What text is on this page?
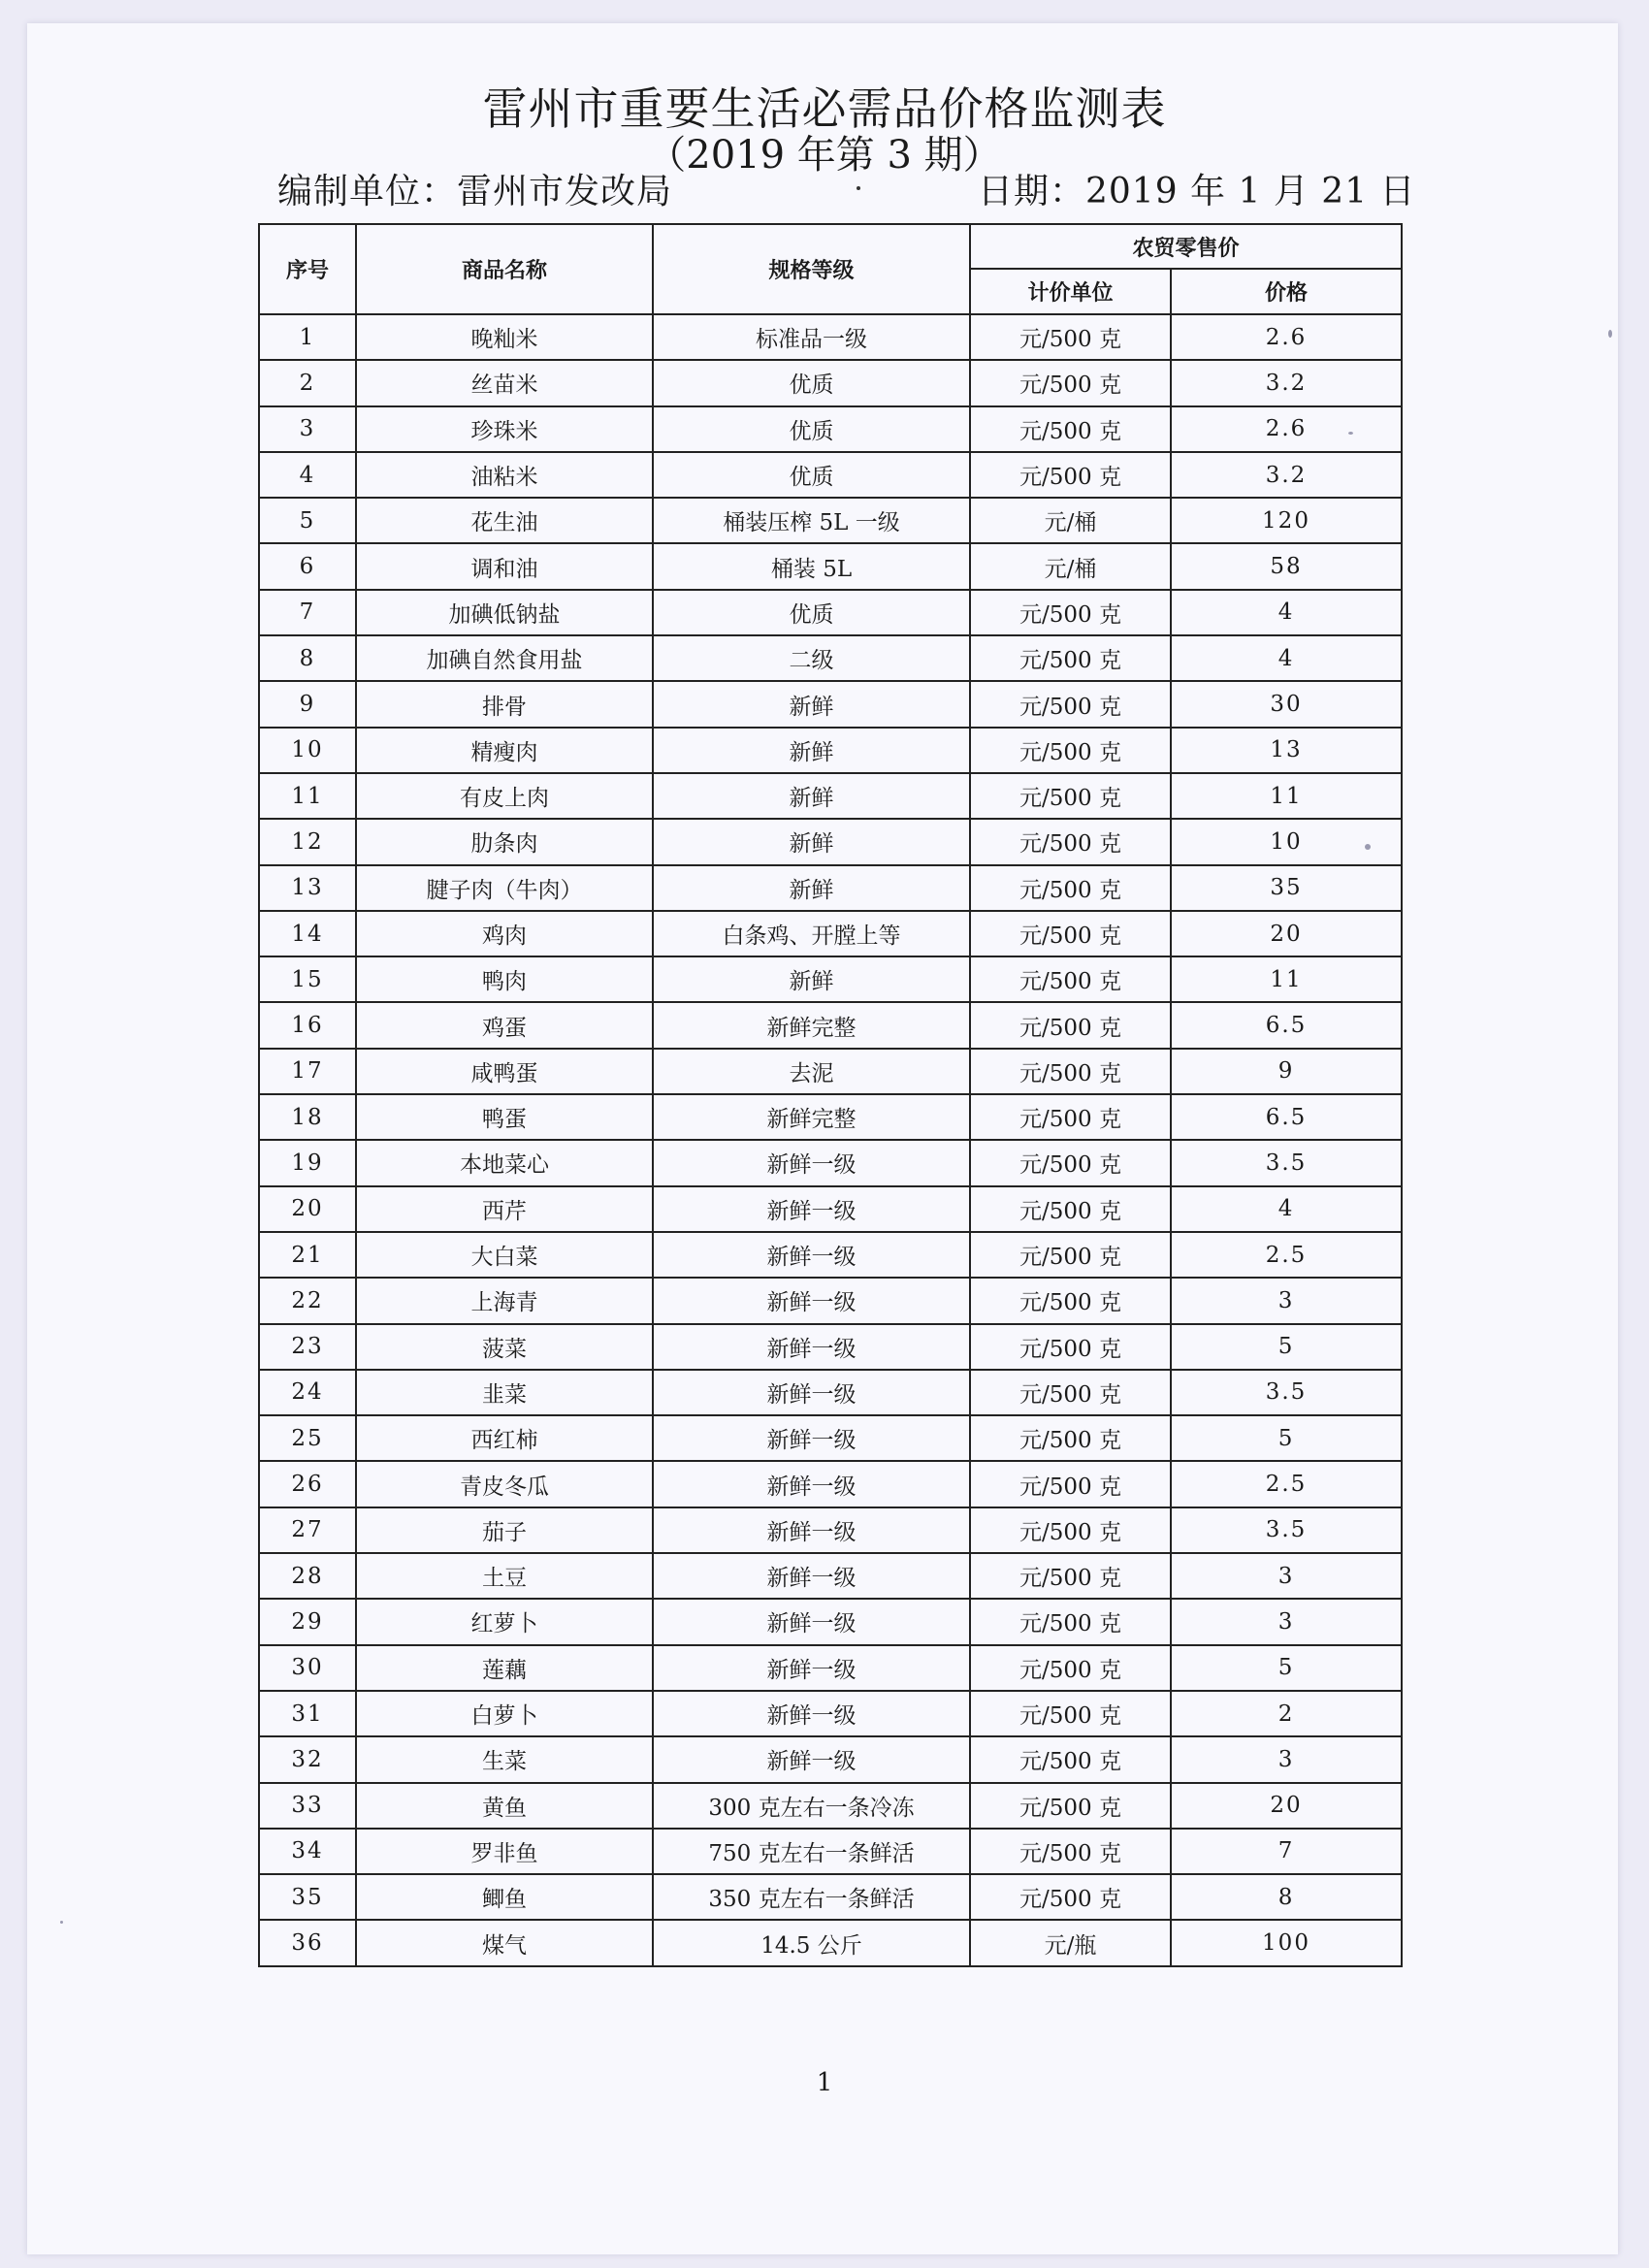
雷州市重要生活必需品价格监测表
（2019 年第 3 期）
编制单位：雷州市发改局	日期：2019 年 1 月 21 日
序号	商品名称	规格等级	农贸零售价	
			计价单位	价格
1	晚籼米	标准品一级	元/500 克	2.6
2	丝苗米	优质	元/500 克	3.2
3	珍珠米	优质	元/500 克	2.6
4	油粘米	优质	元/500 克	3.2
5	花生油	桶装压榨 5L 一级	元/桶	120
6	调和油	桶装 5L	元/桶	58
7	加碘低钠盐	优质	元/500 克	4
8	加碘自然食用盐	二级	元/500 克	4
9	排骨	新鲜	元/500 克	30
10	精瘦肉	新鲜	元/500 克	13
11	有皮上肉	新鲜	元/500 克	11
12	肋条肉	新鲜	元/500 克	10
13	腱子肉（牛肉）	新鲜	元/500 克	35
14	鸡肉	白条鸡、开膛上等	元/500 克	20
15	鸭肉	新鲜	元/500 克	11
16	鸡蛋	新鲜完整	元/500 克	6.5
17	咸鸭蛋	去泥	元/500 克	9
18	鸭蛋	新鲜完整	元/500 克	6.5
19	本地菜心	新鲜一级	元/500 克	3.5
20	西芹	新鲜一级	元/500 克	4
21	大白菜	新鲜一级	元/500 克	2.5
22	上海青	新鲜一级	元/500 克	3
23	菠菜	新鲜一级	元/500 克	5
24	韭菜	新鲜一级	元/500 克	3.5
25	西红柿	新鲜一级	元/500 克	5
26	青皮冬瓜	新鲜一级	元/500 克	2.5
27	茄子	新鲜一级	元/500 克	3.5
28	土豆	新鲜一级	元/500 克	3
29	红萝卜	新鲜一级	元/500 克	3
30	莲藕	新鲜一级	元/500 克	5
31	白萝卜	新鲜一级	元/500 克	2
32	生菜	新鲜一级	元/500 克	3
33	黄鱼	300 克左右一条冷冻	元/500 克	20
34	罗非鱼	750 克左右一条鲜活	元/500 克	7
35	鲫鱼	350 克左右一条鲜活	元/500 克	8
36	煤气	14.5 公斤	元/瓶	100
1
